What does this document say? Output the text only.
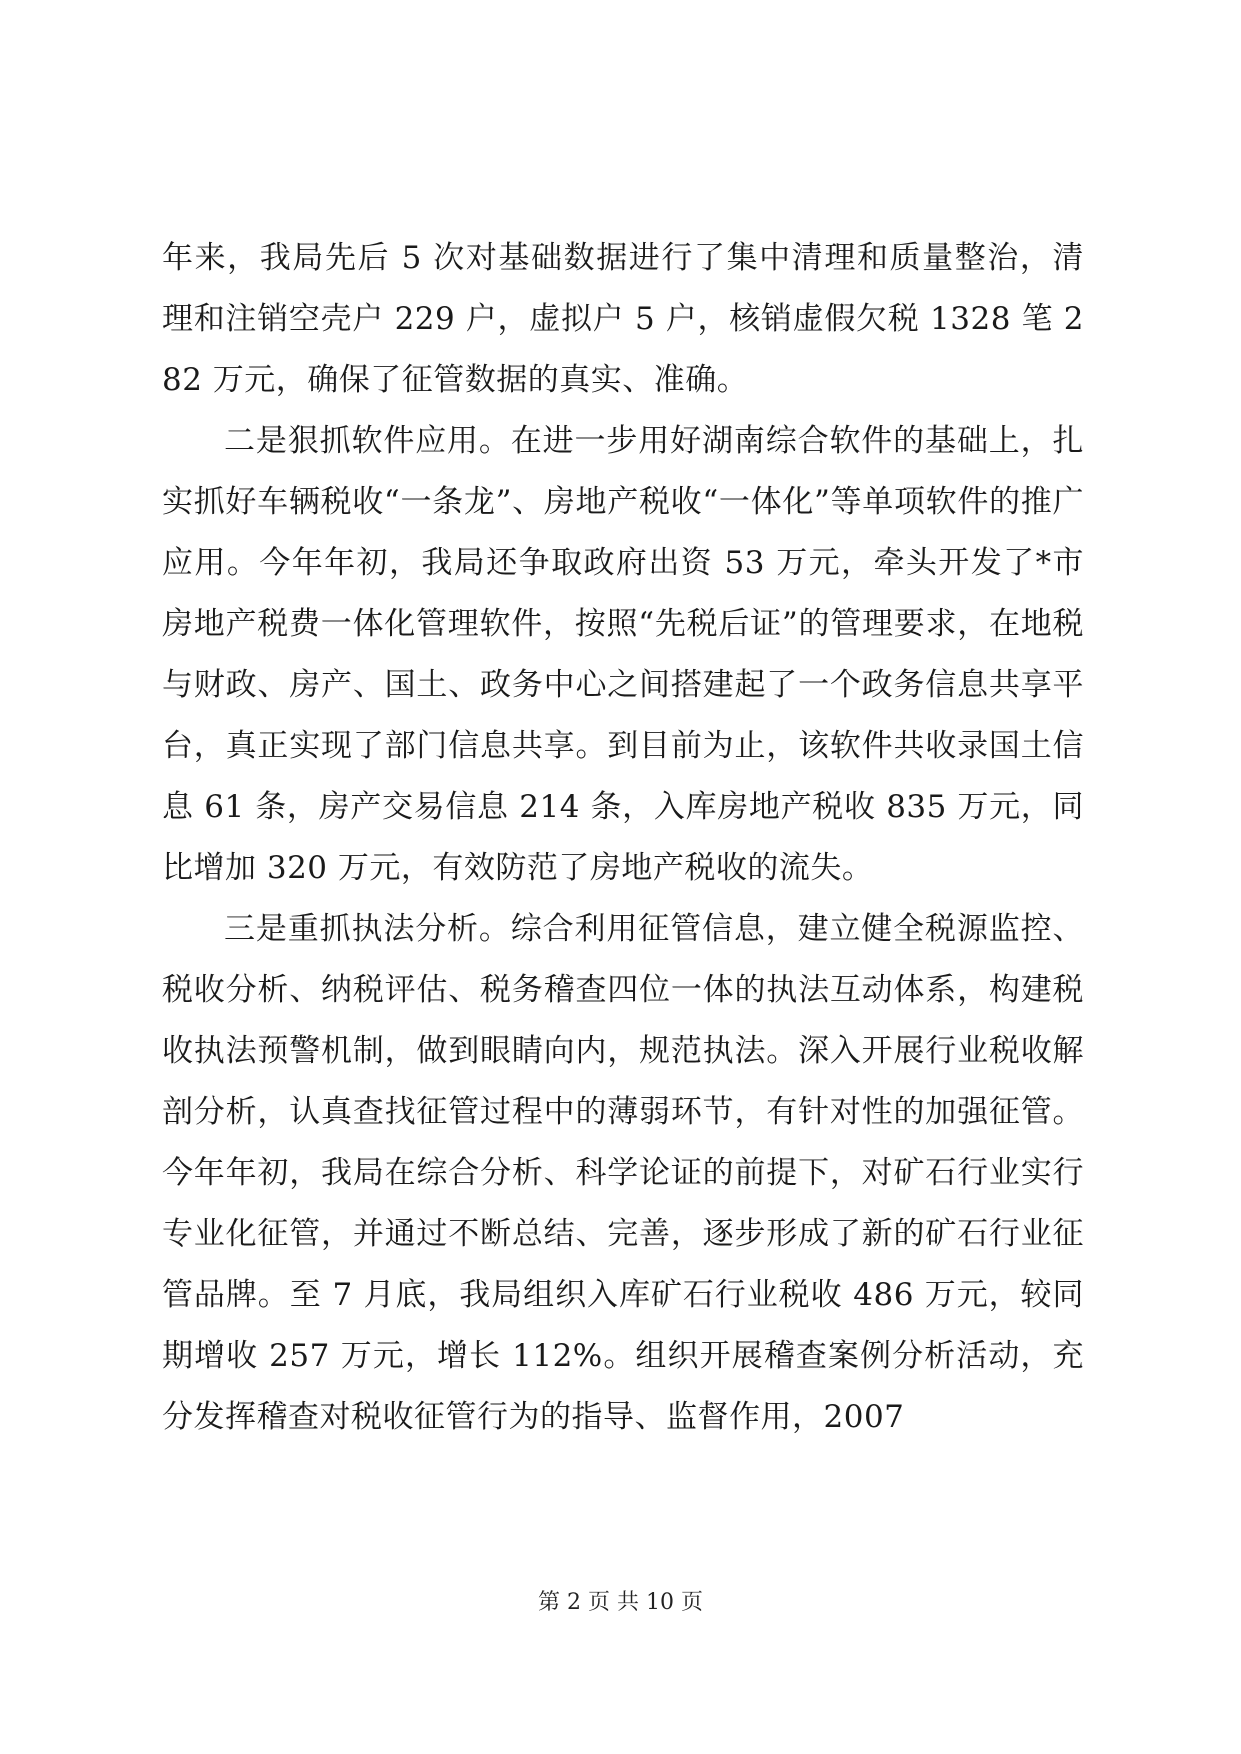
年来，我局先后 5 次对基础数据进行了集中清理和质量整治，清理和注销空壳户 229 户，虚拟户 5 户，核销虚假欠税 1328 笔 282 万元，确保了征管数据的真实、准确。

二是狠抓软件应用。在进一步用好湖南综合软件的基础上，扎实抓好车辆税收“一条龙”、房地产税收“一体化”等单项软件的推广应用。今年年初，我局还争取政府出资 53 万元，牵头开发了*市房地产税费一体化管理软件，按照“先税后证”的管理要求，在地税与财政、房产、国土、政务中心之间搭建起了一个政务信息共享平台，真正实现了部门信息共享。到目前为止，该软件共收录国土信息 61 条，房产交易信息 214 条，入库房地产税收 835 万元，同比增加 320 万元，有效防范了房地产税收的流失。

三是重抓执法分析。综合利用征管信息，建立健全税源监控、税收分析、纳税评估、税务稽查四位一体的执法互动体系，构建税收执法预警机制，做到眼睛向内，规范执法。深入开展行业税收解剖分析，认真查找征管过程中的薄弱环节，有针对性的加强征管。今年年初，我局在综合分析、科学论证的前提下，对矿石行业实行专业化征管，并通过不断总结、完善，逐步形成了新的矿石行业征管品牌。至 7 月底，我局组织入库矿石行业税收 486 万元，较同期增收 257 万元，增长 112%。组织开展稽查案例分析活动，充分发挥稽查对税收征管行为的指导、监督作用，2007

第 2 页 共 10 页
